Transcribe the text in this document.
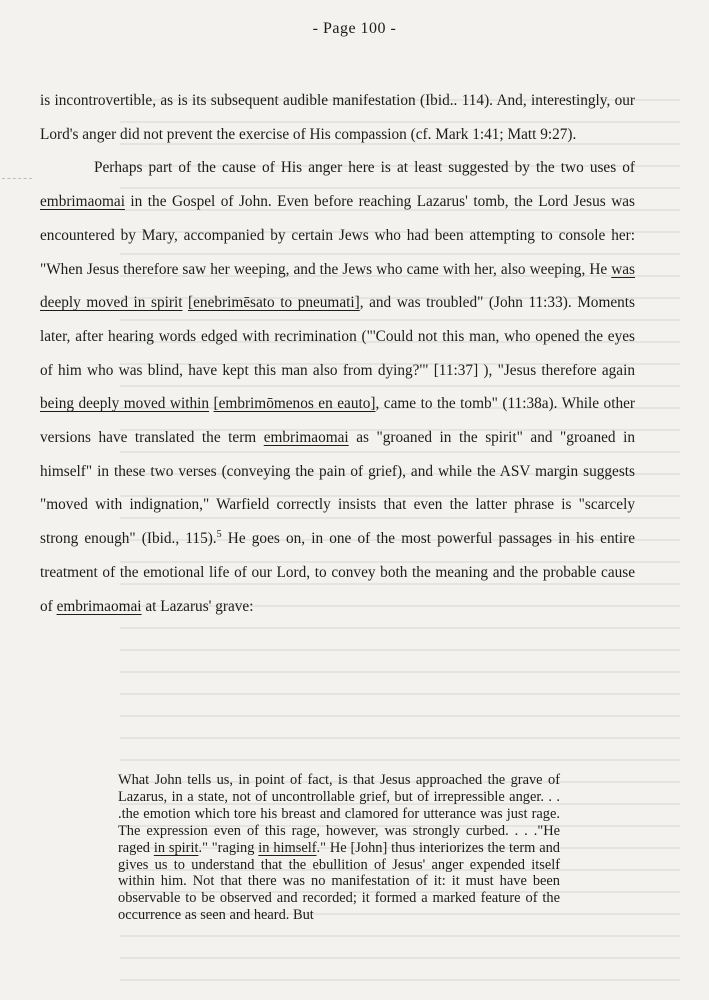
- Page 100 -

is incontrovertible, as is its subsequent audible manifestation (Ibid.. 114). And, interestingly, our Lord's anger did not prevent the exercise of His compassion (cf. Mark 1:41; Matt 9:27).

Perhaps part of the cause of His anger here is at least suggested by the two uses of embrimaomai in the Gospel of John. Even before reaching Lazarus' tomb, the Lord Jesus was encountered by Mary, accompanied by certain Jews who had been attempting to console her: "When Jesus therefore saw her weeping, and the Jews who came with her, also weeping, He was deeply moved in spirit [enebrimēsato to pneumati], and was troubled" (John 11:33). Moments later, after hearing words edged with recrimination ("'Could not this man, who opened the eyes of him who was blind, have kept this man also from dying?'" [11:37] ), "Jesus therefore again being deeply moved within [embrimōmenos en eauto], came to the tomb" (11:38a). While other versions have translated the term embrimaomai as "groaned in the spirit" and "groaned in himself" in these two verses (conveying the pain of grief), and while the ASV margin suggests "moved with indignation," Warfield correctly insists that even the latter phrase is "scarcely strong enough" (Ibid., 115).$^5$ He goes on, in one of the most powerful passages in his entire treatment of the emotional life of our Lord, to convey both the meaning and the probable cause of embrimaomai at Lazarus' grave:

What John tells us, in point of fact, is that Jesus approached the grave of Lazarus, in a state, not of uncontrollable grief, but of irrepressible anger. . . .the emotion which tore his breast and clamored for utterance was just rage. The expression even of this rage, however, was strongly curbed. . . ."He raged in spirit." "raging in himself." He [John] thus interiorizes the term and gives us to understand that the ebullition of Jesus' anger expended itself within him. Not that there was no manifestation of it: it must have been observable to be observed and recorded; it formed a marked feature of the occurrence as seen and heard. But
